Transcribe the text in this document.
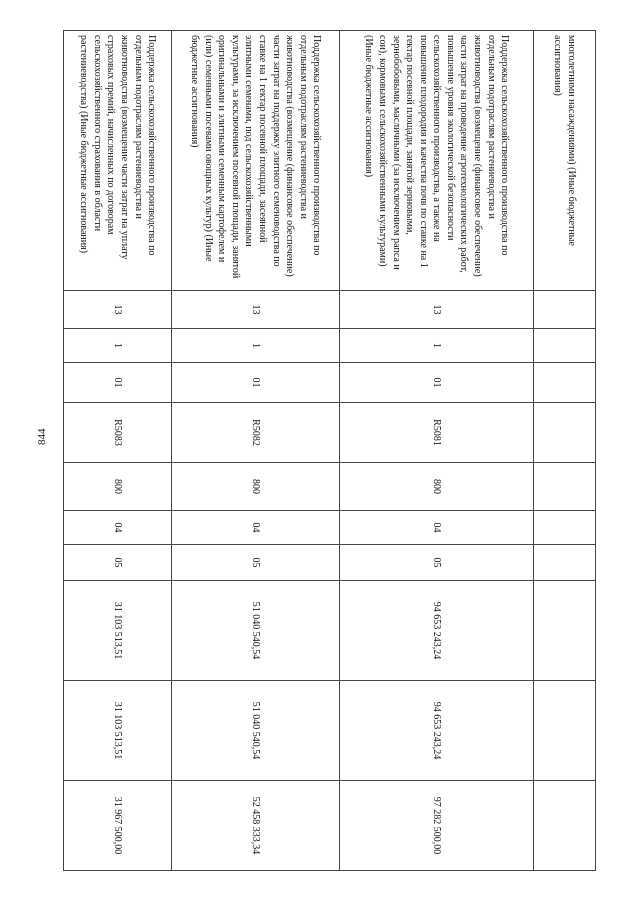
844
многолетними насаждениями) (Иные бюджетные ассигнования)										
Поддержка сельскохозяйственного производства по отдельным подотраслям растениеводства и животноводства (возмещение (финансовое обеспечение) части затрат на проведение агротехнологических работ, повышение уровня экологической безопасности сельскохозяйственного производства, а также на повышение плодородия и качества почв по ставке на 1 гектар посевной площади, занятой зерновыми, зернобобовыми, масличными (за исключением рапса и сои), кормовыми сельскохозяйственными культурами) (Иные бюджетные ассигнования)	13	1	01	R5081	800	04	05	94 653 243,24	94 653 243,24	97 282 500,00
Поддержка сельскохозяйственного производства по отдельным подотраслям растениеводства и животноводства (возмещение (финансовое обеспечение) части затрат на поддержку элитного семеноводства по ставке на 1 гектар посевной площади, засеянной элитными семенами, под сельскохозяйственными культурами, за исключением посевной площади, занятой оригинальными и элитными семенным картофелем и (или) семенными посевами овощных культур) (Иные бюджетные ассигнования)	13	1	01	R5082	800	04	05	51 040 540,54	51 040 540,54	52 458 333,34
Поддержка сельскохозяйственного производства по отдельным подотраслям растениеводства и животноводства (возмещение части затрат на уплату страховых премий, начисленных по договорам сельскохозяйственного страхования в области растениеводства) (Иные бюджетные ассигнования)	13	1	01	R5083	800	04	05	31 103 513,51	31 103 513,51	31 967 500,00
